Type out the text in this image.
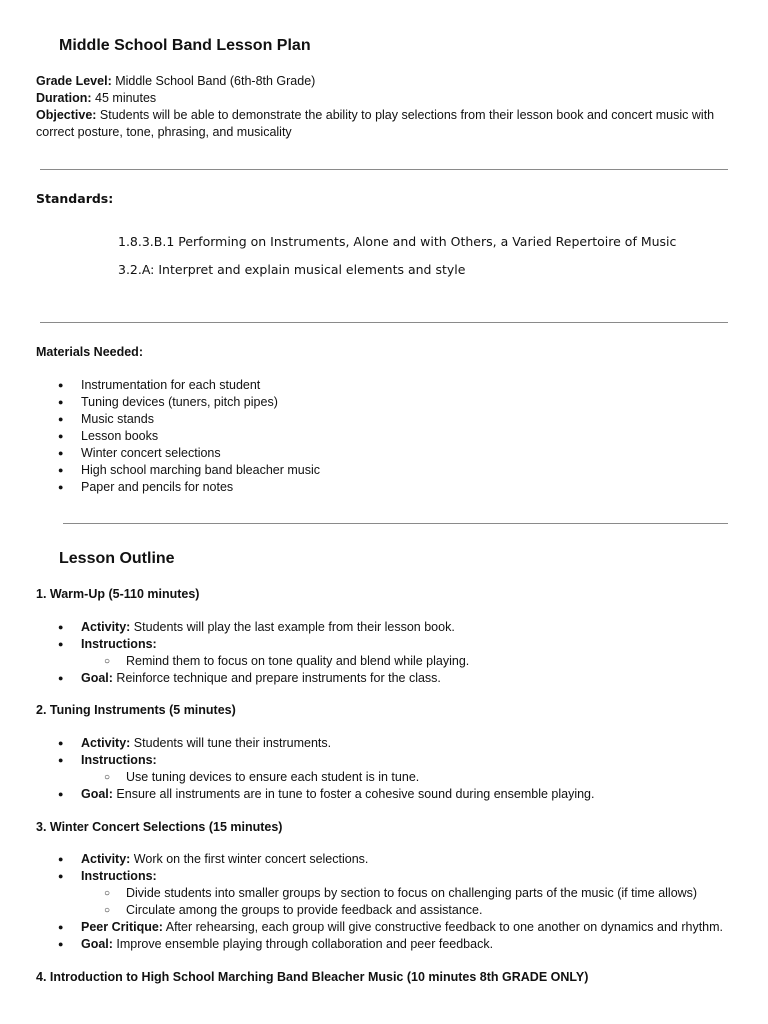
Middle School Band Lesson Plan
Grade Level: Middle School Band (6th-8th Grade)
Duration: 45 minutes
Objective: Students will be able to demonstrate the ability to play selections from their lesson book and concert music with correct posture, tone, phrasing, and musicality
Standards:
1.8.3.B.1 Performing on Instruments, Alone and with Others, a Varied Repertoire of Music
3.2.A: Interpret and explain musical elements and style
Materials Needed:
● Instrumentation for each student
● Tuning devices (tuners, pitch pipes)
● Music stands
● Lesson books
● Winter concert selections
● High school marching band bleacher music
● Paper and pencils for notes
Lesson Outline
1. Warm-Up (5-110 minutes)
● Activity: Students will play the last example from their lesson book.
● Instructions:
○ Remind them to focus on tone quality and blend while playing.
● Goal: Reinforce technique and prepare instruments for the class.
2. Tuning Instruments (5 minutes)
● Activity: Students will tune their instruments.
● Instructions:
○ Use tuning devices to ensure each student is in tune.
● Goal: Ensure all instruments are in tune to foster a cohesive sound during ensemble playing.
3. Winter Concert Selections (15 minutes)
● Activity: Work on the first winter concert selections.
● Instructions:
○ Divide students into smaller groups by section to focus on challenging parts of the music (if time allows)
○ Circulate among the groups to provide feedback and assistance.
● Peer Critique: After rehearsing, each group will give constructive feedback to one another on dynamics and rhythm.
● Goal: Improve ensemble playing through collaboration and peer feedback.
4. Introduction to High School Marching Band Bleacher Music (10 minutes 8th GRADE ONLY)
